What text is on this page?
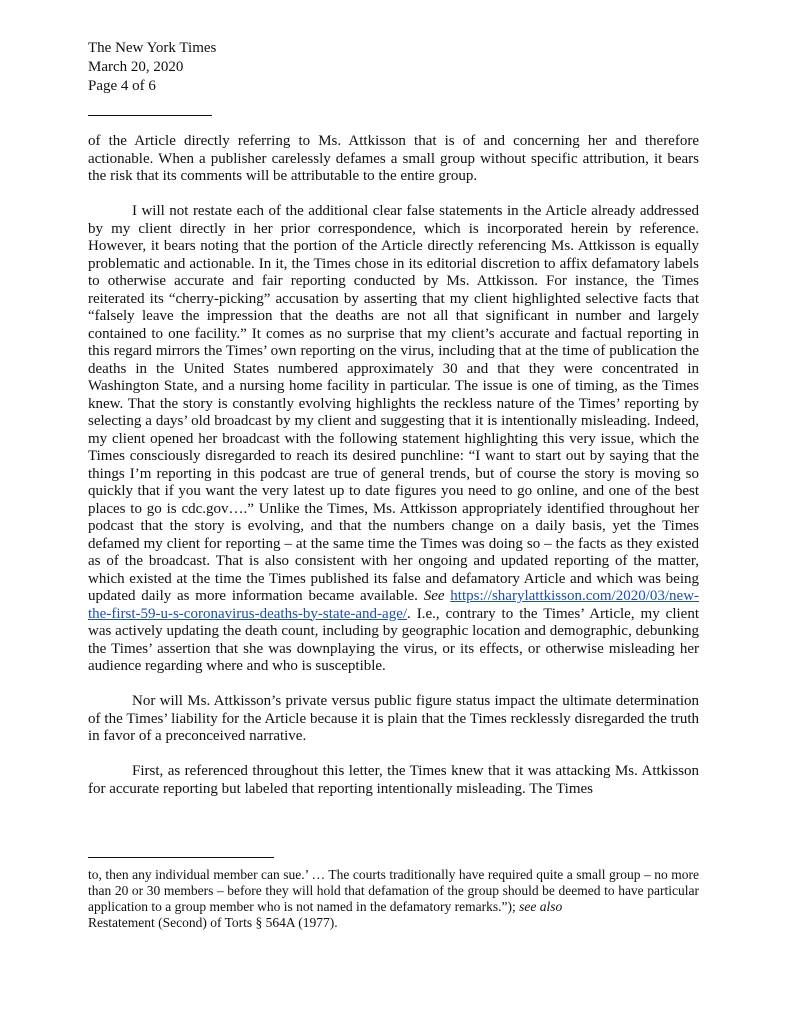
The New York Times
March 20, 2020
Page 4 of 6

of the Article directly referring to Ms. Attkisson that is of and concerning her and therefore actionable. When a publisher carelessly defames a small group without specific attribution, it bears the risk that its comments will be attributable to the entire group.

I will not restate each of the additional clear false statements in the Article already addressed by my client directly in her prior correspondence, which is incorporated herein by reference. However, it bears noting that the portion of the Article directly referencing Ms. Attkisson is equally problematic and actionable. In it, the Times chose in its editorial discretion to affix defamatory labels to otherwise accurate and fair reporting conducted by Ms. Attkisson. For instance, the Times reiterated its “cherry-picking” accusation by asserting that my client highlighted selective facts that “falsely leave the impression that the deaths are not all that significant in number and largely contained to one facility.” It comes as no surprise that my client’s accurate and factual reporting in this regard mirrors the Times’ own reporting on the virus, including that at the time of publication the deaths in the United States numbered approximately 30 and that they were concentrated in Washington State, and a nursing home facility in particular. The issue is one of timing, as the Times knew. That the story is constantly evolving highlights the reckless nature of the Times’ reporting by selecting a days’ old broadcast by my client and suggesting that it is intentionally misleading. Indeed, my client opened her broadcast with the following statement highlighting this very issue, which the Times consciously disregarded to reach its desired punchline: “I want to start out by saying that the things I’m reporting in this podcast are true of general trends, but of course the story is moving so quickly that if you want the very latest up to date figures you need to go online, and one of the best places to go is cdc.gov….” Unlike the Times, Ms. Attkisson appropriately identified throughout her podcast that the story is evolving, and that the numbers change on a daily basis, yet the Times defamed my client for reporting – at the same time the Times was doing so – the facts as they existed as of the broadcast. That is also consistent with her ongoing and updated reporting of the matter, which existed at the time the Times published its false and defamatory Article and which was being updated daily as more information became available. See https://sharylattkisson.com/2020/03/new-the-first-59-u-s-coronavirus-deaths-by-state-and-age/. I.e., contrary to the Times’ Article, my client was actively updating the death count, including by geographic location and demographic, debunking the Times’ assertion that she was downplaying the virus, or its effects, or otherwise misleading her audience regarding where and who is susceptible.

Nor will Ms. Attkisson’s private versus public figure status impact the ultimate determination of the Times’ liability for the Article because it is plain that the Times recklessly disregarded the truth in favor of a preconceived narrative.

First, as referenced throughout this letter, the Times knew that it was attacking Ms. Attkisson for accurate reporting but labeled that reporting intentionally misleading. The Times

to, then any individual member can sue.’ … The courts traditionally have required quite a small group – no more than 20 or 30 members – before they will hold that defamation of the group should be deemed to have particular application to a group member who is not named in the defamatory remarks.”); see also

Restatement (Second) of Torts § 564A (1977).
